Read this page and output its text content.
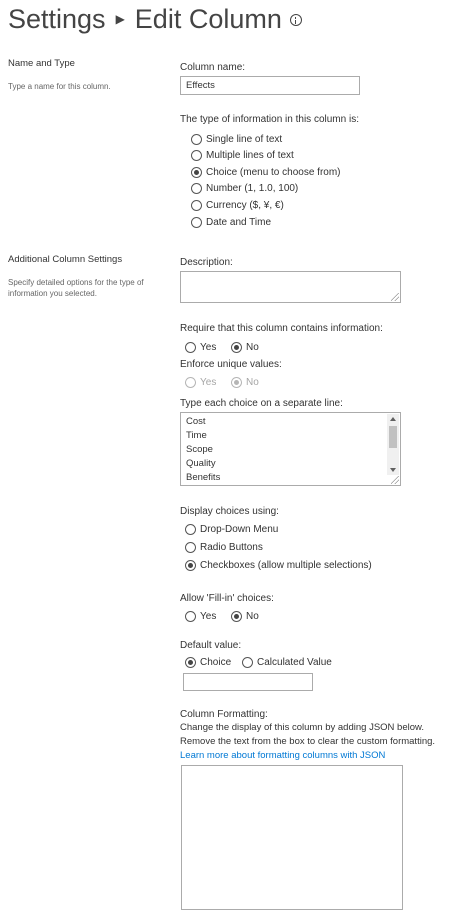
Settings ▶ Edit Column
Name and Type
Type a name for this column.
Column name:
Effects
The type of information in this column is:
Single line of text
Multiple lines of text
Choice (menu to choose from)
Number (1, 1.0, 100)
Currency ($, ¥, €)
Date and Time
Additional Column Settings
Specify detailed options for the type of
information you selected.
Description:
Require that this column contains information:
Yes	No
Enforce unique values:
Yes	No
Type each choice on a separate line:
Cost
Time
Scope
Quality
Benefits
Display choices using:
Drop-Down Menu
Radio Buttons
Checkboxes (allow multiple selections)
Allow 'Fill-in' choices:
Yes	No
Default value:
Choice	Calculated Value
Column Formatting:
Change the display of this column by adding JSON below.
Remove the text from the box to clear the custom formatting.
Learn more about formatting columns with JSON
